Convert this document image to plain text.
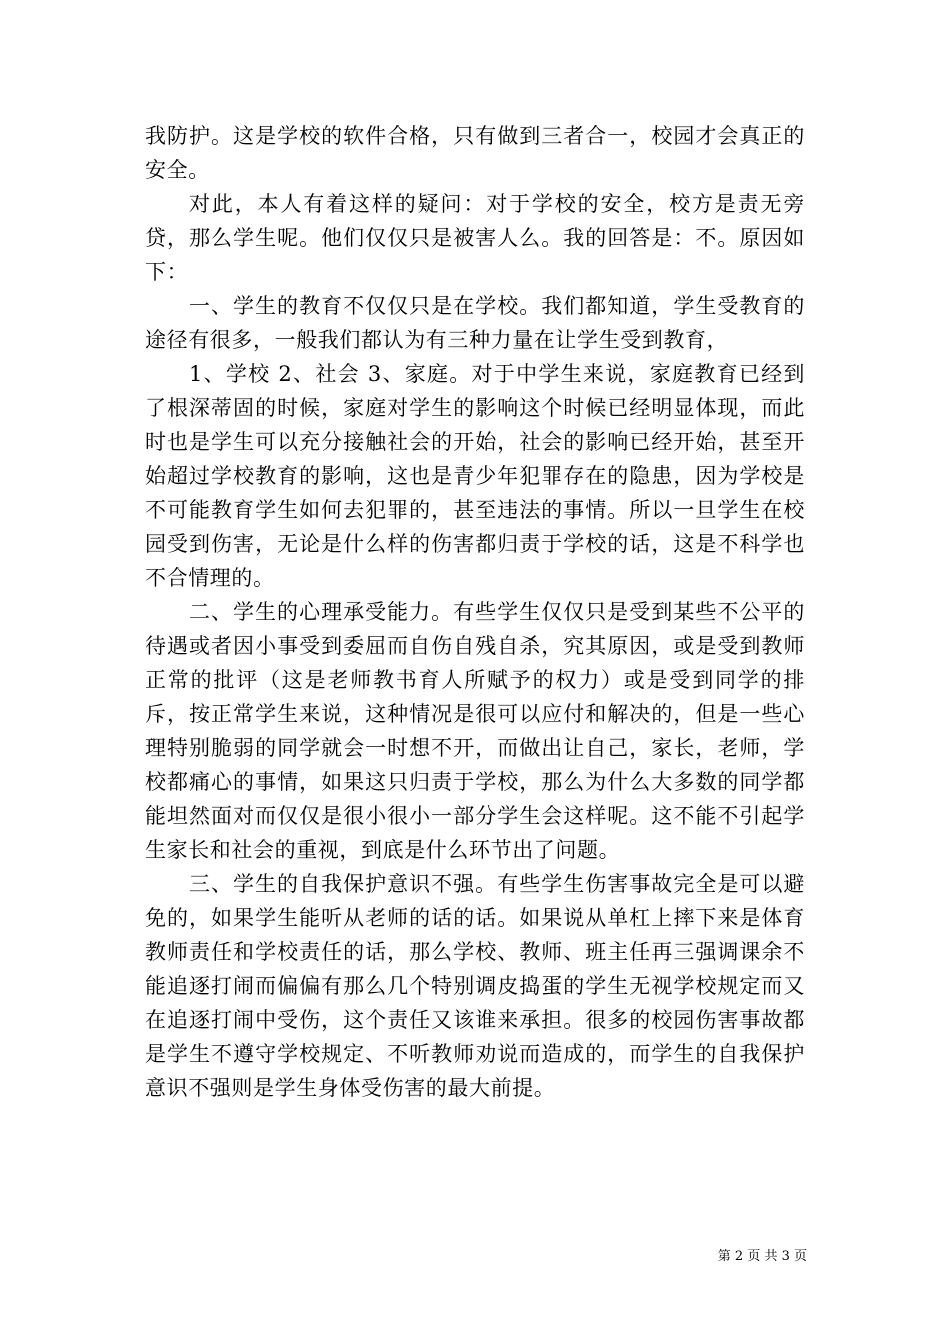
我防护。这是学校的软件合格，只有做到三者合一，校园才会真正的安全。

对此，本人有着这样的疑问：对于学校的安全，校方是责无旁贷，那么学生呢。他们仅仅只是被害人么。我的回答是：不。原因如下：

一、学生的教育不仅仅只是在学校。我们都知道，学生受教育的途径有很多，一般我们都认为有三种力量在让学生受到教育，

1、学校 2、社会 3、家庭。对于中学生来说，家庭教育已经到了根深蒂固的时候，家庭对学生的影响这个时候已经明显体现，而此时也是学生可以充分接触社会的开始，社会的影响已经开始，甚至开始超过学校教育的影响，这也是青少年犯罪存在的隐患，因为学校是不可能教育学生如何去犯罪的，甚至违法的事情。所以一旦学生在校园受到伤害，无论是什么样的伤害都归责于学校的话，这是不科学也不合情理的。

二、学生的心理承受能力。有些学生仅仅只是受到某些不公平的待遇或者因小事受到委屈而自伤自残自杀，究其原因，或是受到教师正常的批评（这是老师教书育人所赋予的权力）或是受到同学的排斥，按正常学生来说，这种情况是很可以应付和解决的，但是一些心理特别脆弱的同学就会一时想不开，而做出让自己，家长，老师，学校都痛心的事情，如果这只归责于学校，那么为什么大多数的同学都能坦然面对而仅仅是很小很小一部分学生会这样呢。这不能不引起学生家长和社会的重视，到底是什么环节出了问题。

三、学生的自我保护意识不强。有些学生伤害事故完全是可以避免的，如果学生能听从老师的话的话。如果说从单杠上摔下来是体育教师责任和学校责任的话，那么学校、教师、班主任再三强调课余不能追逐打闹而偏偏有那么几个特别调皮捣蛋的学生无视学校规定而又在追逐打闹中受伤，这个责任又该谁来承担。很多的校园伤害事故都是学生不遵守学校规定、不听教师劝说而造成的，而学生的自我保护意识不强则是学生身体受伤害的最大前提。

第 2 页 共 3 页
